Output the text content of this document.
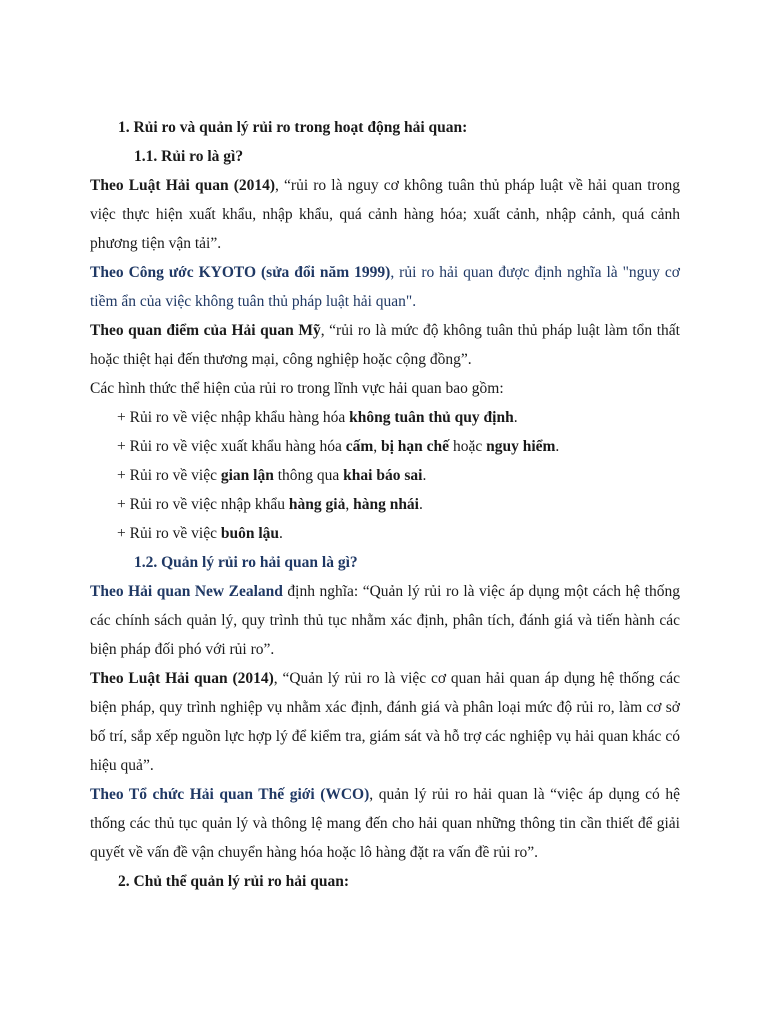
1. Rủi ro và quản lý rủi ro trong hoạt động hải quan:
1.1. Rủi ro là gì?
Theo Luật Hải quan (2014), “rủi ro là nguy cơ không tuân thủ pháp luật về hải quan trong việc thực hiện xuất khẩu, nhập khẩu, quá cảnh hàng hóa; xuất cảnh, nhập cảnh, quá cảnh phương tiện vận tải”.
Theo Công ước KYOTO (sửa đổi năm 1999), rủi ro hải quan được định nghĩa là "nguy cơ tiềm ẩn của việc không tuân thủ pháp luật hải quan".
Theo quan điểm của Hải quan Mỹ, “rủi ro là mức độ không tuân thủ pháp luật làm tổn thất hoặc thiệt hại đến thương mại, công nghiệp hoặc cộng đồng”.
Các hình thức thể hiện của rủi ro trong lĩnh vực hải quan bao gồm:
+ Rủi ro về việc nhập khẩu hàng hóa không tuân thủ quy định.
+ Rủi ro về việc xuất khẩu hàng hóa cấm, bị hạn chế hoặc nguy hiểm.
+ Rủi ro về việc gian lận thông qua khai báo sai.
+ Rủi ro về việc nhập khẩu hàng giả, hàng nhái.
+ Rủi ro về việc buôn lậu.
1.2. Quản lý rủi ro hải quan là gì?
Theo Hải quan New Zealand định nghĩa: “Quản lý rủi ro là việc áp dụng một cách hệ thống các chính sách quản lý, quy trình thủ tục nhằm xác định, phân tích, đánh giá và tiến hành các biện pháp đối phó với rủi ro”.
Theo Luật Hải quan (2014), “Quản lý rủi ro là việc cơ quan hải quan áp dụng hệ thống các biện pháp, quy trình nghiệp vụ nhằm xác định, đánh giá và phân loại mức độ rủi ro, làm cơ sở bố trí, sắp xếp nguồn lực hợp lý để kiểm tra, giám sát và hỗ trợ các nghiệp vụ hải quan khác có hiệu quả”.
Theo Tổ chức Hải quan Thế giới (WCO), quản lý rủi ro hải quan là “việc áp dụng có hệ thống các thủ tục quản lý và thông lệ mang đến cho hải quan những thông tin cần thiết để giải quyết về vấn đề vận chuyển hàng hóa hoặc lô hàng đặt ra vấn đề rủi ro”.
2. Chủ thể quản lý rủi ro hải quan:
